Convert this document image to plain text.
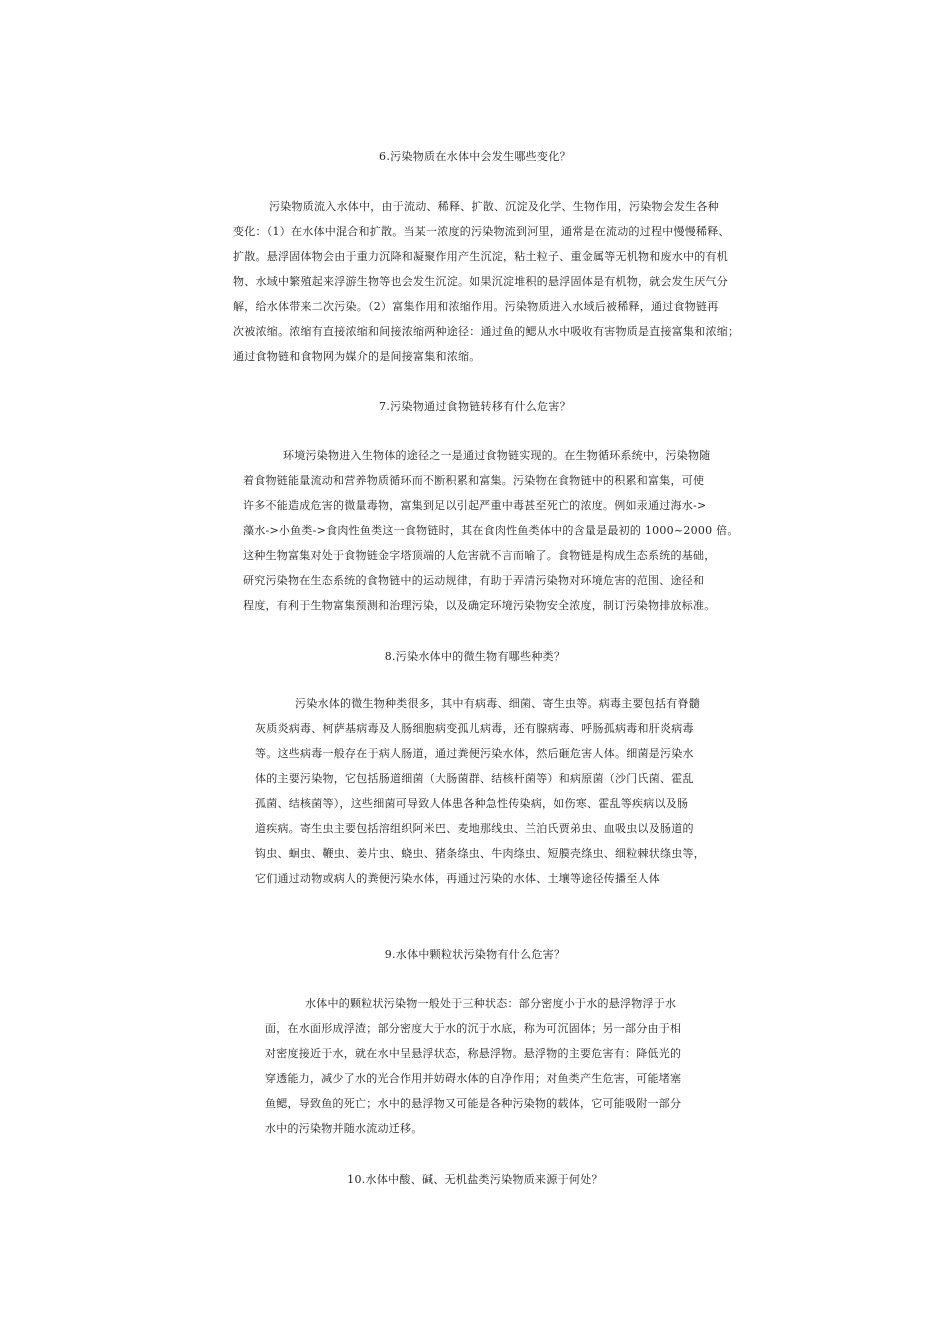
6.污染物质在水体中会发生哪些变化？
污染物质流入水体中，由于流动、稀释、扩散、沉淀及化学、生物作用，污染物会发生各种
变化：（1）在水体中混合和扩散。当某一浓度的污染物流到河里，通常是在流动的过程中慢慢稀释、
扩散。悬浮固体物会由于重力沉降和凝聚作用产生沉淀，粘土粒子、重金属等无机物和废水中的有机
物、水域中繁殖起来浮游生物等也会发生沉淀。如果沉淀堆积的悬浮固体是有机物，就会发生厌气分
解，给水体带来二次污染。（2）富集作用和浓缩作用。污染物质进入水域后被稀释，通过食物链再
次被浓缩。浓缩有直接浓缩和间接浓缩两种途径：通过鱼的鳃从水中吸收有害物质是直接富集和浓缩；
通过食物链和食物网为媒介的是间接富集和浓缩。
7.污染物通过食物链转移有什么危害？
环境污染物进入生物体的途径之一是通过食物链实现的。在生物循环系统中，污染物随
着食物链能量流动和营养物质循环而不断积累和富集。污染物在食物链中的积累和富集，可使
许多不能造成危害的微量毒物，富集到足以引起严重中毒甚至死亡的浓度。例如汞通过海水->
藻水->小鱼类->食肉性鱼类这一食物链时，其在食肉性鱼类体中的含量是最初的 1000~2000 倍。
这种生物富集对处于食物链金字塔顶端的人危害就不言而喻了。食物链是构成生态系统的基础，
研究污染物在生态系统的食物链中的运动规律，有助于弄清污染物对环境危害的范围、途径和
程度，有利于生物富集预测和治理污染，以及确定环境污染物安全浓度，制订污染物排放标准。
8.污染水体中的微生物有哪些种类？
污染水体的微生物种类很多，其中有病毒、细菌、寄生虫等。病毒主要包括有脊髓
灰质炎病毒、柯萨基病毒及人肠细胞病变孤儿病毒，还有腺病毒、呼肠孤病毒和肝炎病毒
等。这些病毒一般存在于病人肠道，通过粪便污染水体，然后砸危害人体。细菌是污染水
体的主要污染物，它包括肠道细菌（大肠菌群、结核杆菌等）和病原菌（沙门氏菌、霍乱
孤菌、结核菌等），这些细菌可导致人体患各种急性传染病，如伤寒、霍乱等疾病以及肠
道疾病。寄生虫主要包括溶组织阿米巴、麦地那线虫、兰泊氏贾弟虫、血吸虫以及肠道的
钩虫、蛔虫、鞭虫、姜片虫、蛲虫、猪条绦虫、牛肉绦虫、短膜壳绦虫、细粒棘状绦虫等，
它们通过动物或病人的粪便污染水体，再通过污染的水体、土壤等途径传播至人体
9.水体中颗粒状污染物有什么危害？
水体中的颗粒状污染物一般处于三种状态：部分密度小于水的悬浮物浮于水
面，在水面形成浮渣；部分密度大于水的沉于水底，称为可沉固体；另一部分由于相
对密度接近于水，就在水中呈悬浮状态，称悬浮物。悬浮物的主要危害有：降低光的
穿透能力，减少了水的光合作用并妨碍水体的自净作用；对鱼类产生危害，可能堵塞
鱼鳃，导致鱼的死亡；水中的悬浮物又可能是各种污染物的载体，它可能吸附一部分
水中的污染物并随水流动迁移。
10.水体中酸、碱、无机盐类污染物质来源于何处？
